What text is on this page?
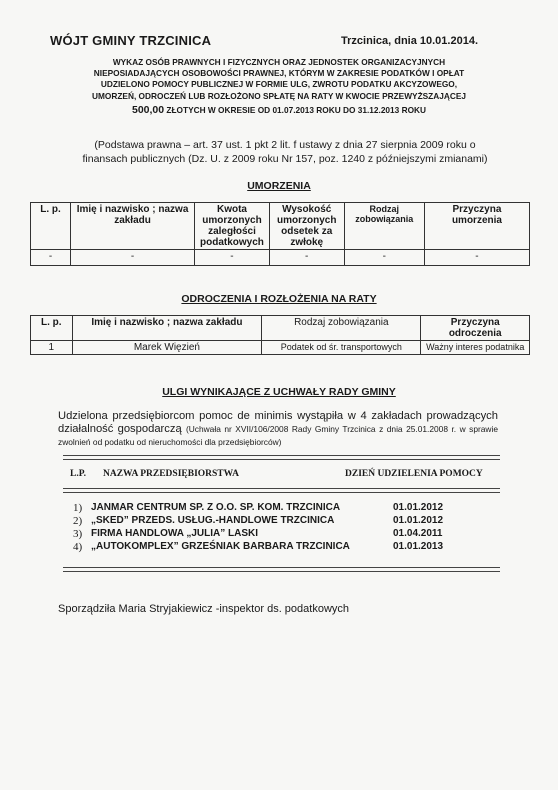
WÓJT GMINY TRZCINICA	Trzcinica, dnia 10.01.2014.
WYKAZ OSÓB PRAWNYCH I FIZYCZNYCH ORAZ JEDNOSTEK ORGANIZACYJNYCH
NIEPOSIADAJĄCYCH OSOBOWOŚCI PRAWNEJ, KTÓRYM W ZAKRESIE PODATKÓW I OPŁAT
UDZIELONO POMOCY PUBLICZNEJ W FORMIE ULG, ZWROTU PODATKU AKCYZOWEGO,
UMORZEŃ, ODROCZEŃ LUB ROZŁOŻONO SPŁATĘ NA RATY W KWOCIE PRZEWYŻSZAJĄCEJ
500,00 ZŁOTYCH W OKRESIE OD 01.07.2013 ROKU DO 31.12.2013 ROKU
(Podstawa prawna – art. 37 ust. 1 pkt 2 lit. f ustawy z dnia 27 sierpnia 2009 roku o
finansach publicznych (Dz. U. z 2009 roku Nr 157, poz. 1240 z późniejszymi zmianami)
UMORZENIA
L. p.	Imię i nazwisko ; nazwa zakładu	Kwota umorzonych zaległości podatkowych	Wysokość umorzonych odsetek za zwłokę	Rodzaj zobowiązania	Przyczyna umorzenia
-	-	-	-	-	-
ODROCZENIA I ROZŁOŻENIA NA RATY
L. p.	Imię i nazwisko ; nazwa zakładu	Rodzaj zobowiązania	Przyczyna odroczenia
1	Marek Więzień	Podatek od śr. transportowych	Ważny interes podatnika
ULGI WYNIKAJĄCE Z UCHWAŁY RADY GMINY
Udzielona przedsiębiorcom pomoc de minimis wystąpiła w 4 zakładach prowadzących działalność gospodarczą (Uchwała nr XVII/106/2008 Rady Gminy Trzcinica z dnia 25.01.2008 r. w sprawie zwolnień od podatku od nieruchomości dla przedsiębiorców)
L.P. NAZWA PRZEDSIĘBIORSTWA	DZIEŃ UDZIELENIA POMOCY
1) JANMAR CENTRUM SP. Z O.O. SP. KOM. TRZCINICA	01.01.2012
2) „SKED” PRZEDS. USŁUG.-HANDLOWE TRZCINICA	01.01.2012
3) FIRMA HANDLOWA „JULIA” LASKI	01.04.2011
4) „AUTOKOMPLEX” GRZEŚNIAK BARBARA TRZCINICA	01.01.2013
Sporządziła Maria Stryjakiewicz -inspektor ds. podatkowych
